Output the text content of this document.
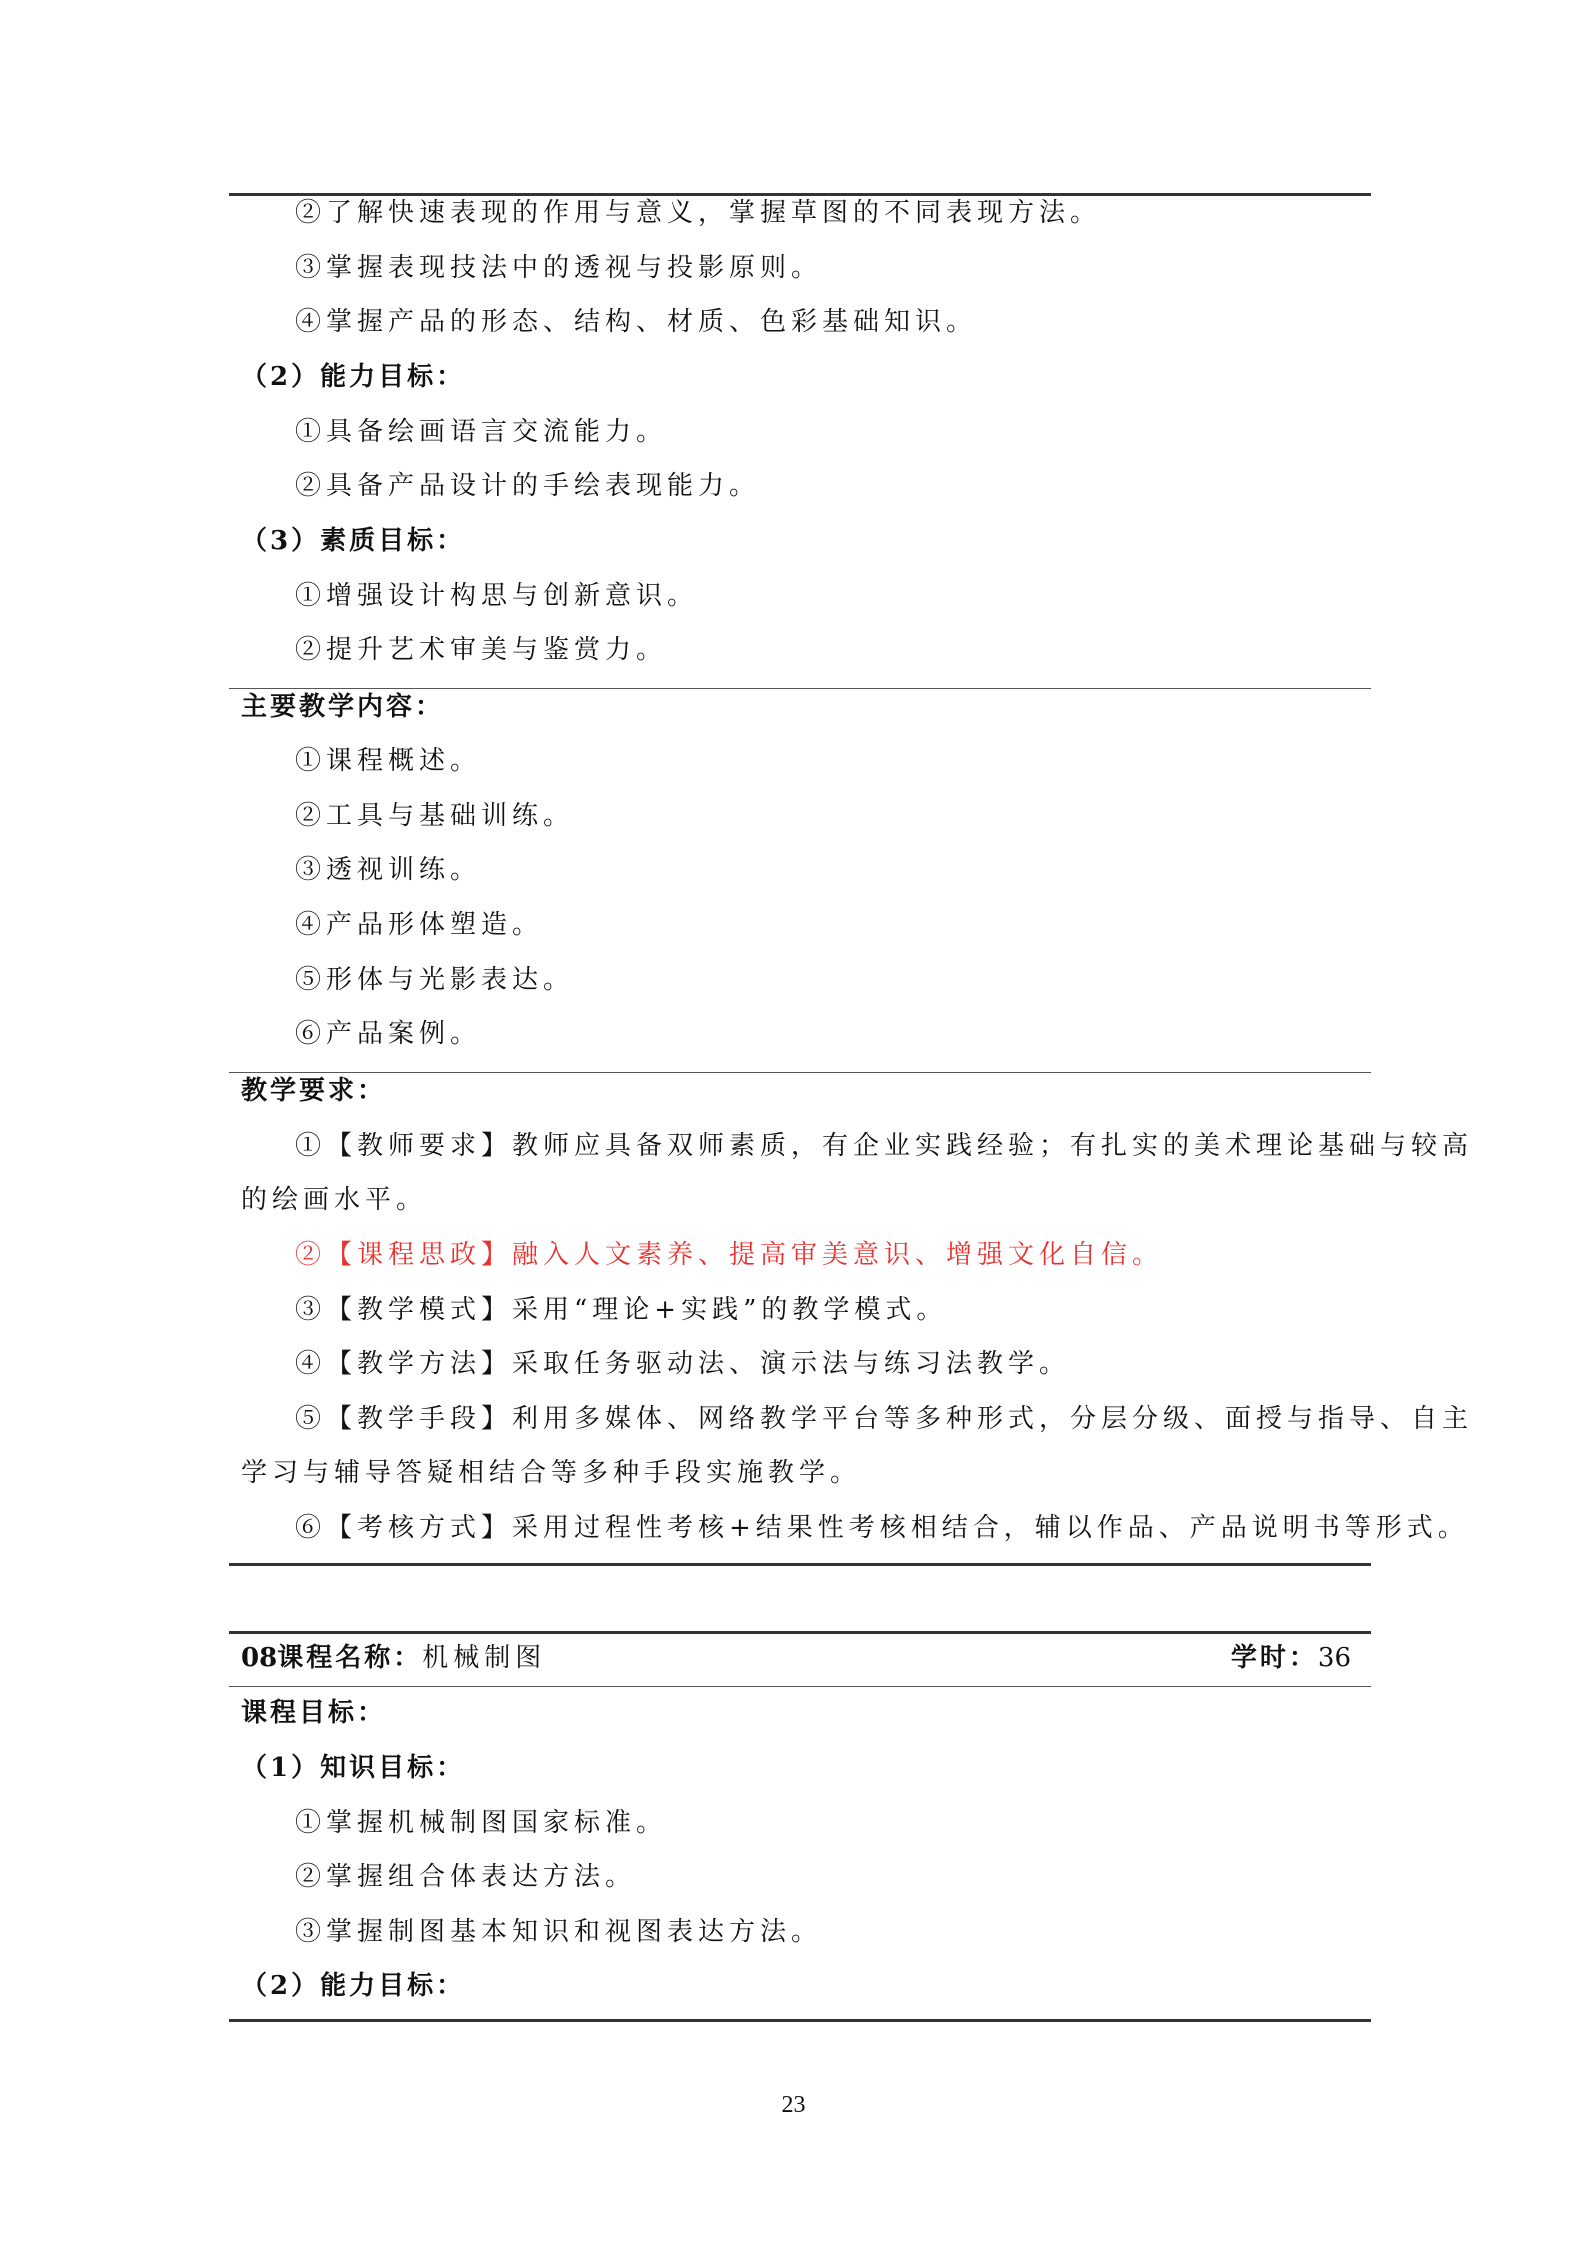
②了解快速表现的作用与意义，掌握草图的不同表现方法。
③掌握表现技法中的透视与投影原则。
④掌握产品的形态、结构、材质、色彩基础知识。
（2）能力目标：
①具备绘画语言交流能力。
②具备产品设计的手绘表现能力。
（3）素质目标：
①增强设计构思与创新意识。
②提升艺术审美与鉴赏力。
主要教学内容：
①课程概述。
②工具与基础训练。
③透视训练。
④产品形体塑造。
⑤形体与光影表达。
⑥产品案例。
教学要求：
①【教师要求】教师应具备双师素质，有企业实践经验；有扎实的美术理论基础与较高
的绘画水平。
②【课程思政】融入人文素养、提高审美意识、增强文化自信。
③【教学模式】采用“理论+实践”的教学模式。
④【教学方法】采取任务驱动法、演示法与练习法教学。
⑤【教学手段】利用多媒体、网络教学平台等多种形式，分层分级、面授与指导、自主
学习与辅导答疑相结合等多种手段实施教学。
⑥【考核方式】采用过程性考核+结果性考核相结合，辅以作品、产品说明书等形式。
08课程名称：机械制图	学时：36
课程目标：
（1）知识目标：
①掌握机械制图国家标准。
②掌握组合体表达方法。
③掌握制图基本知识和视图表达方法。
（2）能力目标：
23
